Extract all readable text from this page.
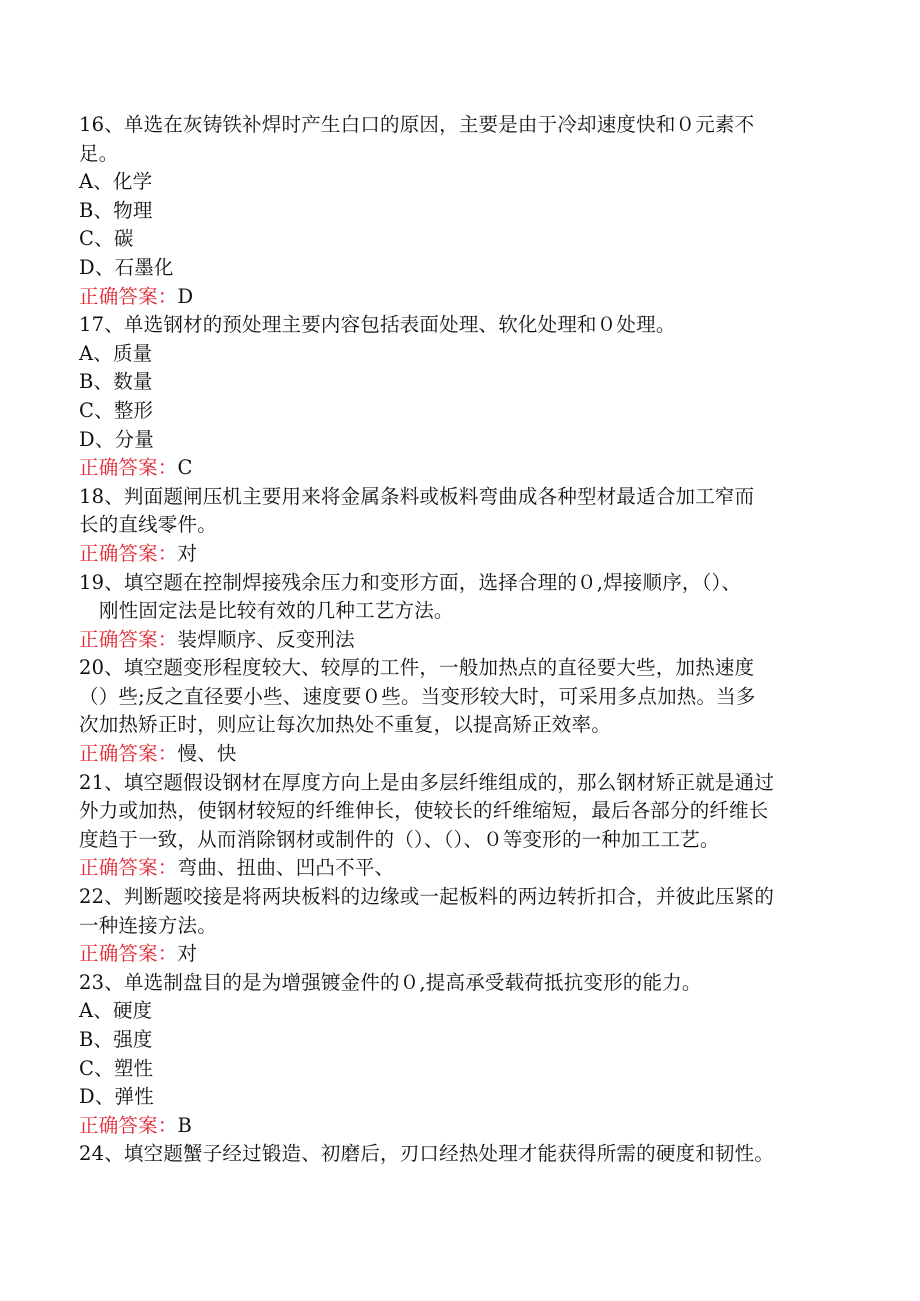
16、单选在灰铸铁补焊时产生白口的原因，主要是由于冷却速度快和０元素不
足。
A、化学
B、物理
C、碳
D、石墨化
正确答案：D
17、单选钢材的预处理主要内容包括表面处理、软化处理和０处理。
A、质量
B、数量
C、整形
D、分量
正确答案：C
18、判面题闸压机主要用来将金属条料或板料弯曲成各种型材最适合加工窄而
长的直线零件。
正确答案：对
19、填空题在控制焊接残余压力和变形方面，选择合理的０,焊接顺序，（）、
刚性固定法是比较有效的几种工艺方法。
正确答案：装焊顺序、反变刑法
20、填空题变形程度较大、较厚的工件，一般加热点的直径要大些，加热速度
（）些;反之直径要小些、速度要０些。当变形较大时，可采用多点加热。当多
次加热矫正时，则应让每次加热处不重复，以提高矫正效率。
正确答案：慢、快
21、填空题假设钢材在厚度方向上是由多层纤维组成的，那么钢材矫正就是通过
外力或加热，使钢材较短的纤维伸长，使较长的纤维缩短，最后各部分的纤维长
度趋于一致，从而消除钢材或制件的（）、（）、０等变形的一种加工工艺。
正确答案：弯曲、扭曲、凹凸不平、
22、判断题咬接是将两块板料的边缘或一起板料的两边转折扣合，并彼此压紧的
一种连接方法。
正确答案：对
23、单选制盘目的是为增强镀金件的０,提高承受载荷抵抗变形的能力。
A、硬度
B、强度
C、塑性
D、弹性
正确答案：B
24、填空题蟹子经过锻造、初磨后，刃口经热处理才能获得所需的硬度和韧性。
